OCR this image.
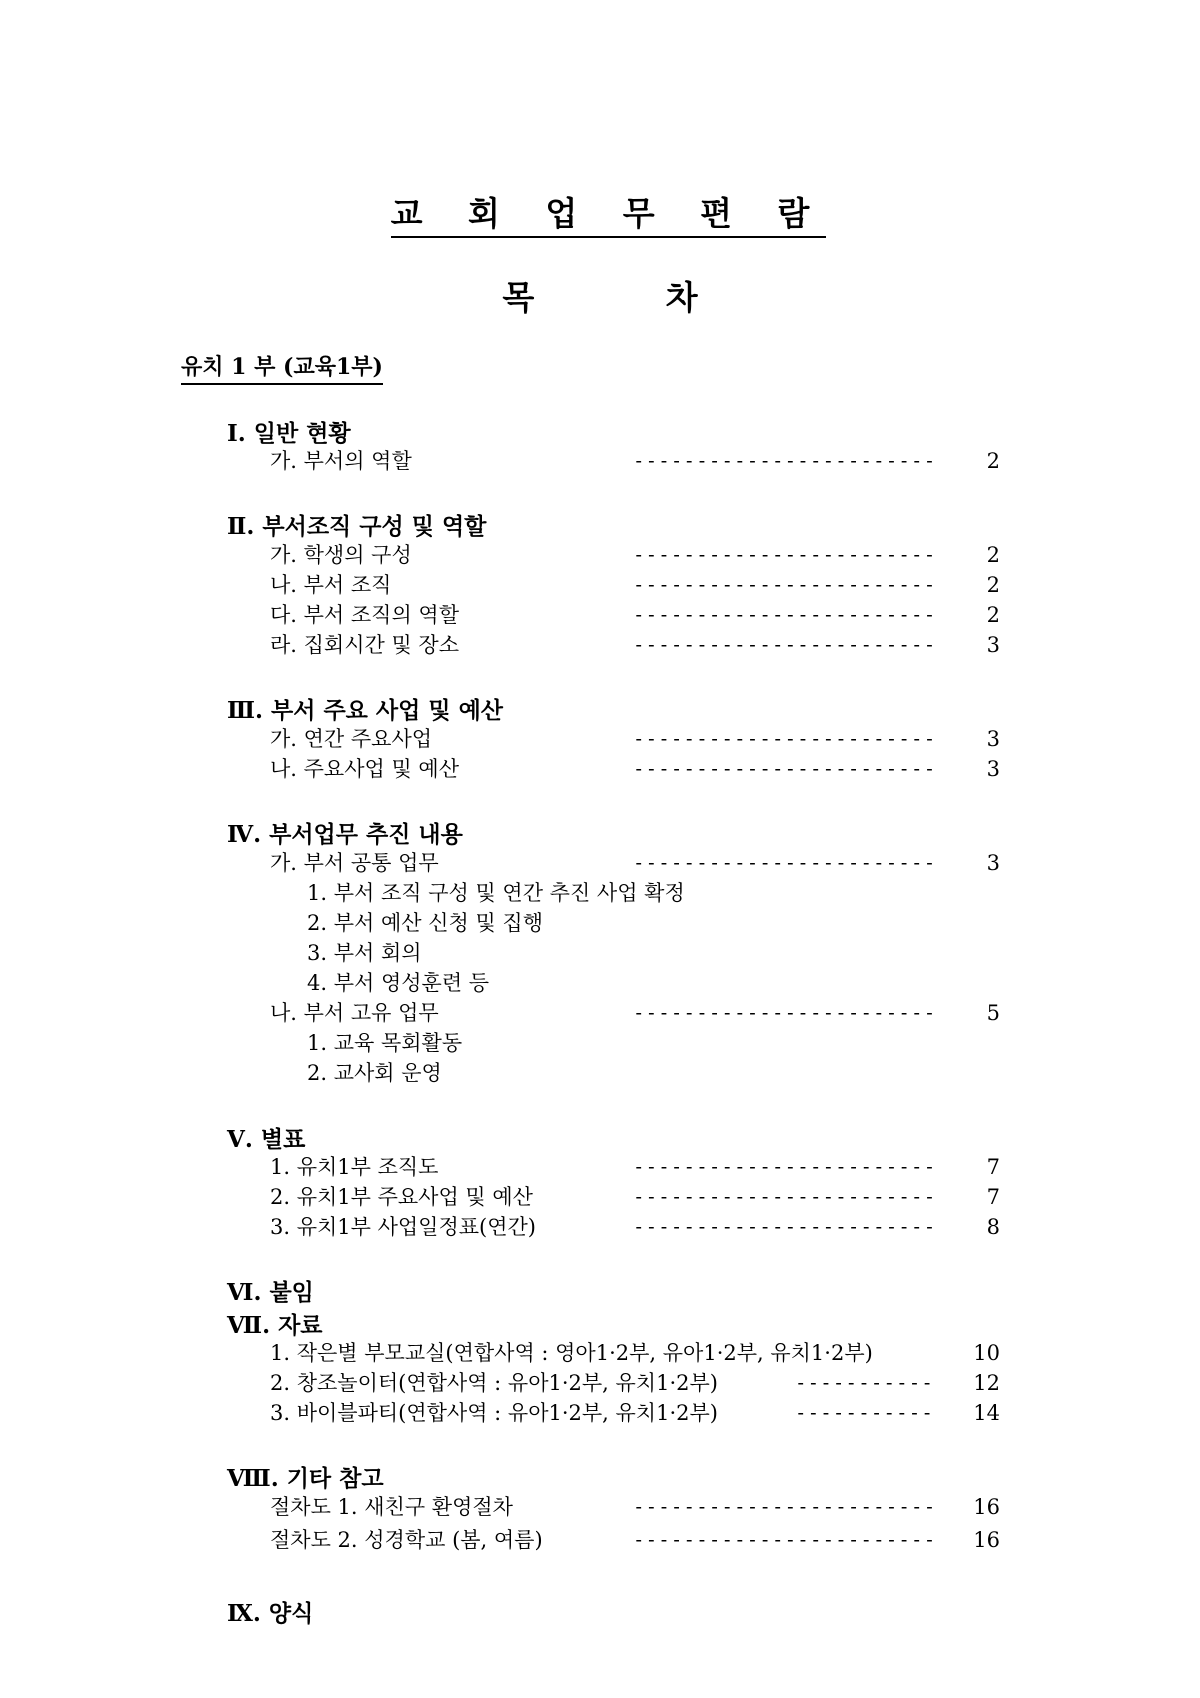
교 회 업 무 편 람
목 차
유치 1 부 (교육1부)
Ⅰ. 일반 현황
가. 부서의 역할	------------------------	2
Ⅱ. 부서조직 구성 및 역할
가. 학생의 구성	------------------------	2
나. 부서 조직	------------------------	2
다. 부서 조직의 역할	------------------------	2
라. 집회시간 및 장소	------------------------	3
Ⅲ. 부서 주요 사업 및 예산
가. 연간 주요사업	------------------------	3
나. 주요사업 및 예산	------------------------	3
Ⅳ. 부서업무 추진 내용
가. 부서 공통 업무	------------------------	3
1. 부서 조직 구성 및 연간 추진 사업 확정
2. 부서 예산 신청 및 집행
3. 부서 회의
4. 부서 영성훈련 등
나. 부서 고유 업무	------------------------	5
1. 교육 목회활동
2. 교사회 운영
Ⅴ. 별표
1. 유치1부 조직도	------------------------	7
2. 유치1부 주요사업 및 예산	------------------------	7
3. 유치1부 사업일정표(연간)	------------------------	8
Ⅵ. 붙임
Ⅶ. 자료
1. 작은별 부모교실(연합사역 : 영아1·2부, 유아1·2부, 유치1·2부)	10
2. 창조놀이터(연합사역 : 유아1·2부, 유치1·2부)	-----------	12
3. 바이블파티(연합사역 : 유아1·2부, 유치1·2부)	-----------	14
Ⅷ. 기타 참고
절차도 1. 새친구 환영절차	------------------------	16
절차도 2. 성경학교 (봄, 여름)	------------------------	16
Ⅸ. 양식
